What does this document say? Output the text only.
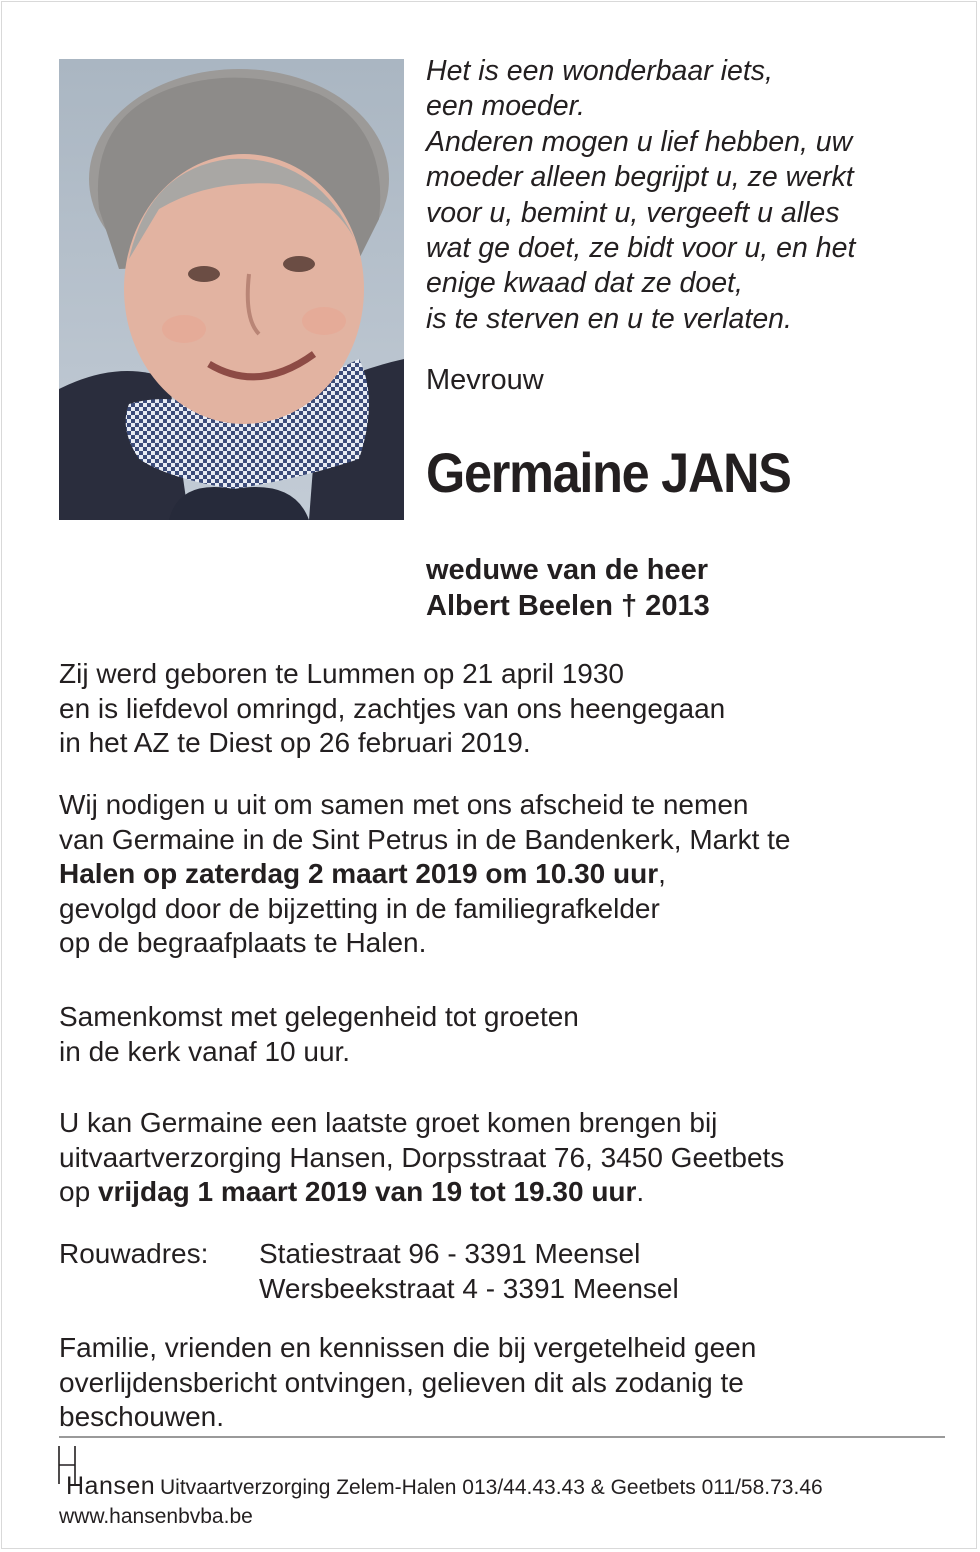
Het is een wonderbaar iets,
een moeder.
Anderen mogen u lief hebben, uw
moeder alleen begrijpt u, ze werkt
voor u, bemint u, vergeeft u alles
wat ge doet, ze bidt voor u, en het
enige kwaad dat ze doet,
is te sterven en u te verlaten.
Mevrouw
Germaine JANS
weduwe van de heer
Albert Beelen † 2013
Zij werd geboren te Lummen op 21 april 1930
en is liefdevol omringd, zachtjes van ons heengegaan
in het AZ te Diest op 26 februari 2019.
Wij nodigen u uit om samen met ons afscheid te nemen
van Germaine in de Sint Petrus in de Bandenkerk, Markt te
Halen op zaterdag 2 maart 2019 om 10.30 uur,
gevolgd door de bijzetting in de familiegrafkelder
op de begraafplaats te Halen.
Samenkomst met gelegenheid tot groeten
in de kerk vanaf 10 uur.
U kan Germaine een laatste groet komen brengen bij
uitvaartverzorging Hansen, Dorpsstraat 76, 3450 Geetbets
op vrijdag 1 maart 2019 van 19 tot 19.30 uur.
Rouwadres: Statiestraat 96 - 3391 Meensel
Wersbeekstraat 4 - 3391 Meensel
Familie, vrienden en kennissen die bij vergetelheid geen
overlijdensbericht ontvingen, gelieven dit als zodanig te
beschouwen.
Hansen Uitvaartverzorging Zelem-Halen 013/44.43.43 & Geetbets 011/58.73.46
www.hansenbvba.be
